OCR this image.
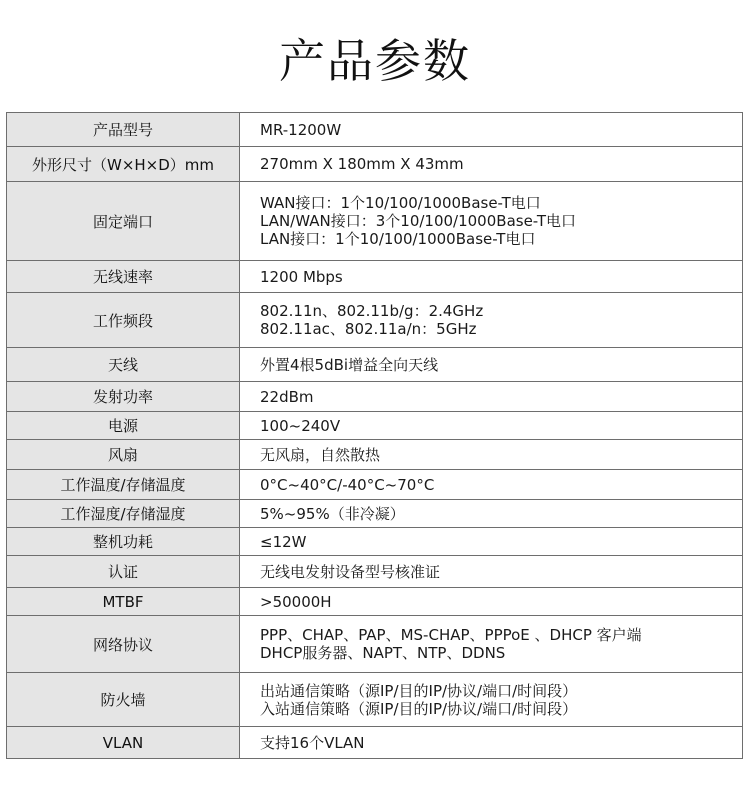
产品参数
产品型号	MR-1200W

外形尺寸（W×H×D）mm	270mm X 180mm X 43mm

固定端口	WAN接口：1个10/100/1000Base-T电口
LAN/WAN接口：3个10/100/1000Base-T电口
LAN接口：1个10/100/1000Base-T电口

无线速率	1200 Mbps

工作频段	802.11n、802.11b/g：2.4GHz
802.11ac、802.11a/n：5GHz

天线	外置4根5dBi增益全向天线

发射功率	22dBm

电源	100~240V

风扇	无风扇，自然散热

工作温度/存储温度	0°C~40°C/-40°C~70°C

工作湿度/存储湿度	5%~95%（非冷凝）

整机功耗	≤12W

认证	无线电发射设备型号核准证

MTBF	>50000H

网络协议	PPP、CHAP、PAP、MS-CHAP、PPPoE 、DHCP 客户端
DHCP服务器、NAPT、NTP、DDNS

防火墙	出站通信策略（源IP/目的IP/协议/端口/时间段）
入站通信策略（源IP/目的IP/协议/端口/时间段）

VLAN	支持16个VLAN
